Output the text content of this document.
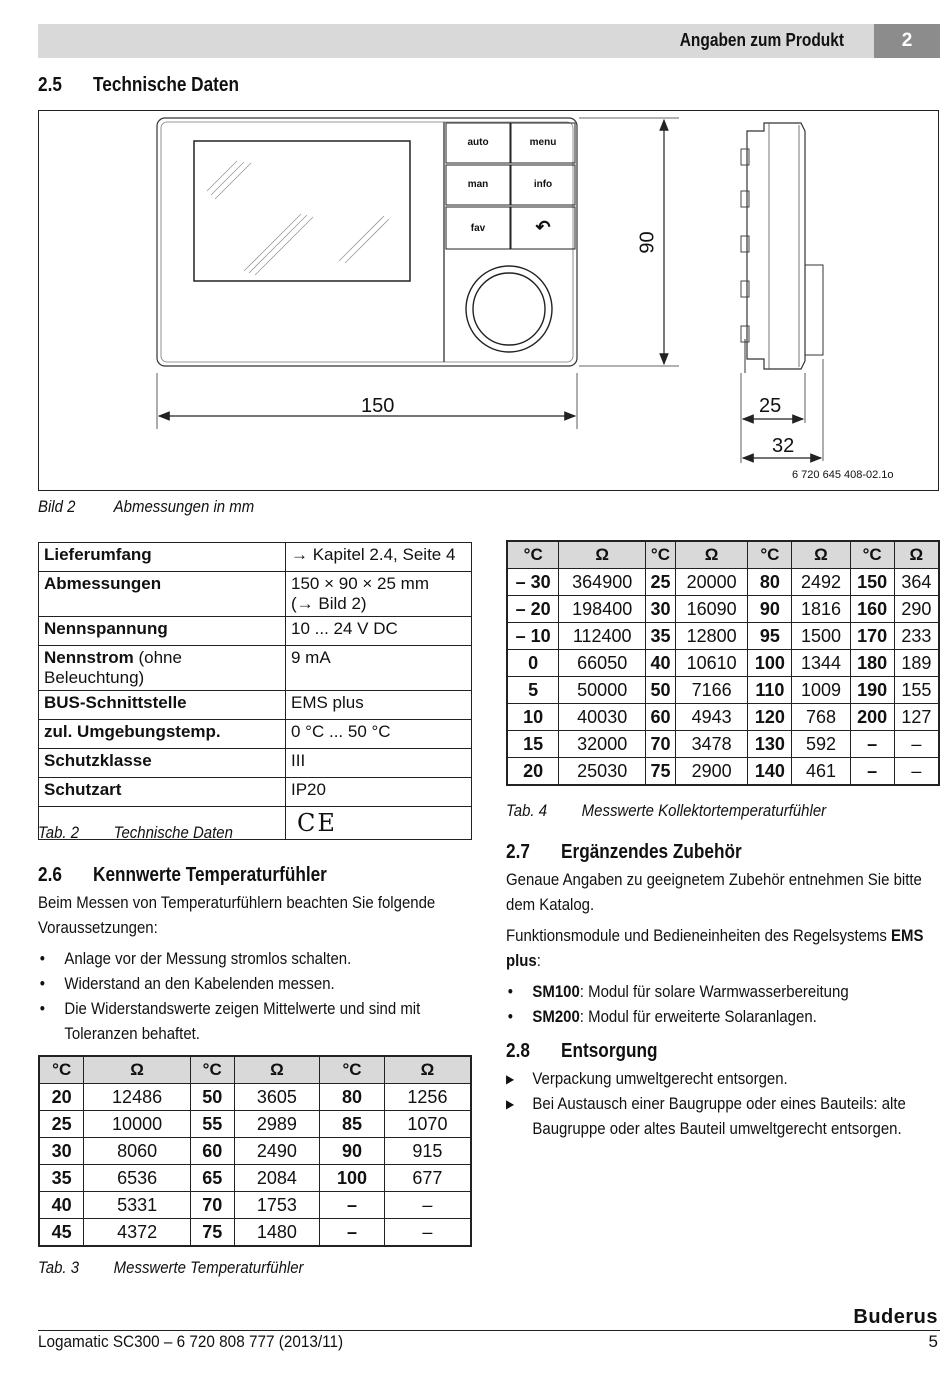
Angaben zum Produkt	2
2.5 Technische Daten
auto	menu
man	info
fav	↶
150
90
25
32
6 720 645 408-02.1o
Bild 2 Abmessungen in mm
Lieferumfang	→ Kapitel 2.4, Seite 4

Abmessungen	150 × 90 × 25 mm
(→ Bild 2)

Nennspannung	10 ... 24 V DC

Nennstrom (ohne Beleuchtung)	9 mA

BUS-Schnittstelle	EMS plus

zul. Umgebungstemp.	0 °C ... 50 °C

Schutzklasse	III

Schutzart	IP20

	CE
Tab. 2 Technische Daten
2.6 Kennwerte Temperaturfühler

Beim Messen von Temperaturfühlern beachten Sie folgende Voraussetzungen:

• Anlage vor der Messung stromlos schalten.
• Widerstand an den Kabelenden messen.
• Die Widerstandswerte zeigen Mittelwerte und sind mit Toleranzen behaftet.
°C	Ω	°C	Ω	°C	Ω
20	12486	50	3605	80	1256
25	10000	55	2989	85	1070
30	8060	60	2490	90	915
35	6536	65	2084	100	677
40	5331	70	1753	–	–
45	4372	75	1480	–	–
Tab. 3 Messwerte Temperaturfühler
°C	Ω	°C	Ω	°C	Ω	°C	Ω
– 30	364900	25	20000	80	2492	150	364
– 20	198400	30	16090	90	1816	160	290
– 10	112400	35	12800	95	1500	170	233
0	66050	40	10610	100	1344	180	189
5	50000	50	7166	110	1009	190	155
10	40030	60	4943	120	768	200	127
15	32000	70	3478	130	592	–	–
20	25030	75	2900	140	461	–	–
Tab. 4 Messwerte Kollektortemperaturfühler
2.7 Ergänzendes Zubehör

Genaue Angaben zu geeignetem Zubehör entnehmen Sie bitte dem Katalog.

Funktionsmodule und Bedieneinheiten des Regelsystems EMS plus:

• SM100: Modul für solare Warmwasserbereitung
• SM200: Modul für erweiterte Solaranlagen.
2.8 Entsorgung
▶ Verpackung umweltgerecht entsorgen.
▶ Bei Austausch einer Baugruppe oder eines Bauteils: alte Baugruppe oder altes Bauteil umweltgerecht entsorgen.
Buderus
Logamatic SC300 – 6 720 808 777 (2013/11)	5
